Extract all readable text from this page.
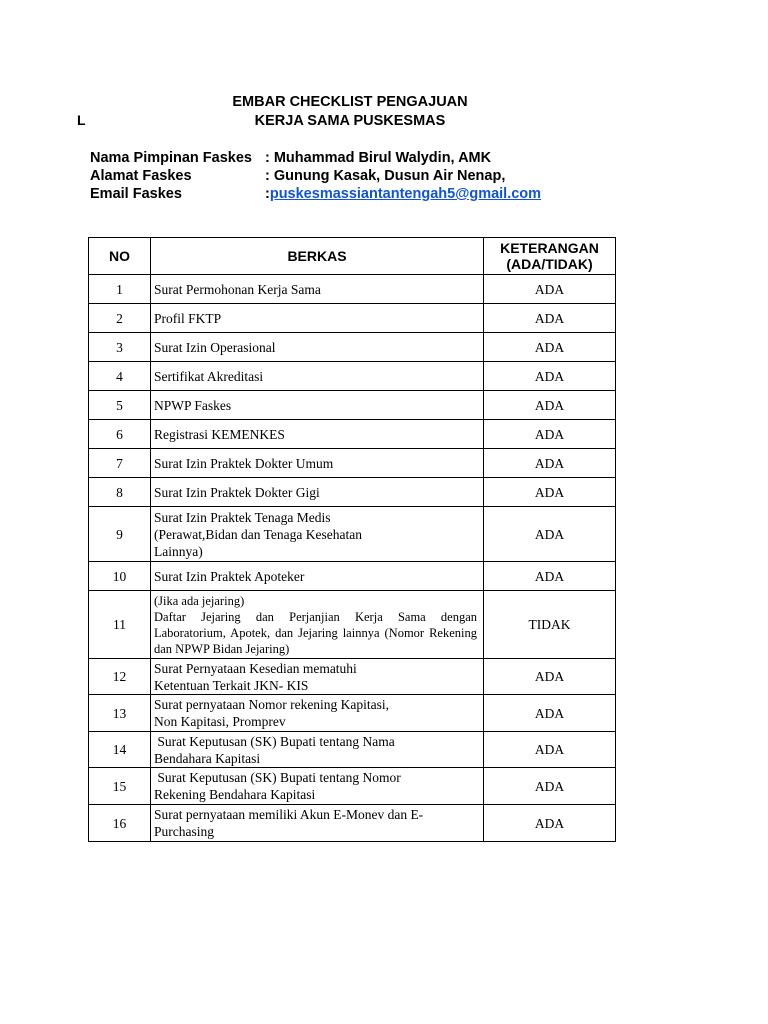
L
EMBAR CHECKLIST PENGAJUAN
KERJA SAMA PUSKESMAS
Nama Pimpinan Faskes : Muhammad Birul Walydin, AMK
Alamat Faskes	: Gunung Kasak, Dusun Air Nenap,
Email Faskes	:puskesmassiantantengah5@gmail.com
NO	BERKAS	KETERANGAN
(ADA/TIDAK)

1	Surat Permohonan Kerja Sama	ADA
2	Profil FKTP	ADA
3	Surat Izin Operasional	ADA
4	Sertifikat Akreditasi	ADA
5	NPWP Faskes	ADA
6	Registrasi KEMENKES	ADA
7	Surat Izin Praktek Dokter Umum	ADA
8	Surat Izin Praktek Dokter Gigi	ADA
9	Surat Izin Praktek Tenaga Medis
(Perawat,Bidan dan Tenaga Kesehatan
Lainnya)	ADA
10	Surat Izin Praktek Apoteker	ADA
11	(Jika ada jejaring)
Daftar Jejaring dan Perjanjian Kerja Sama dengan Laboratorium, Apotek, dan Jejaring lainnya (Nomor Rekening dan NPWP Bidan Jejaring)	TIDAK
12	Surat Pernyataan Kesedian mematuhi
Ketentuan Terkait JKN- KIS	ADA
13	Surat pernyataan Nomor rekening Kapitasi,
Non Kapitasi, Promprev	ADA
14	Surat Keputusan (SK) Bupati tentang Nama
Bendahara Kapitasi	ADA
15	Surat Keputusan (SK) Bupati tentang Nomor
Rekening Bendahara Kapitasi	ADA
16	Surat pernyataan memiliki Akun E-Monev dan E-
Purchasing	ADA
